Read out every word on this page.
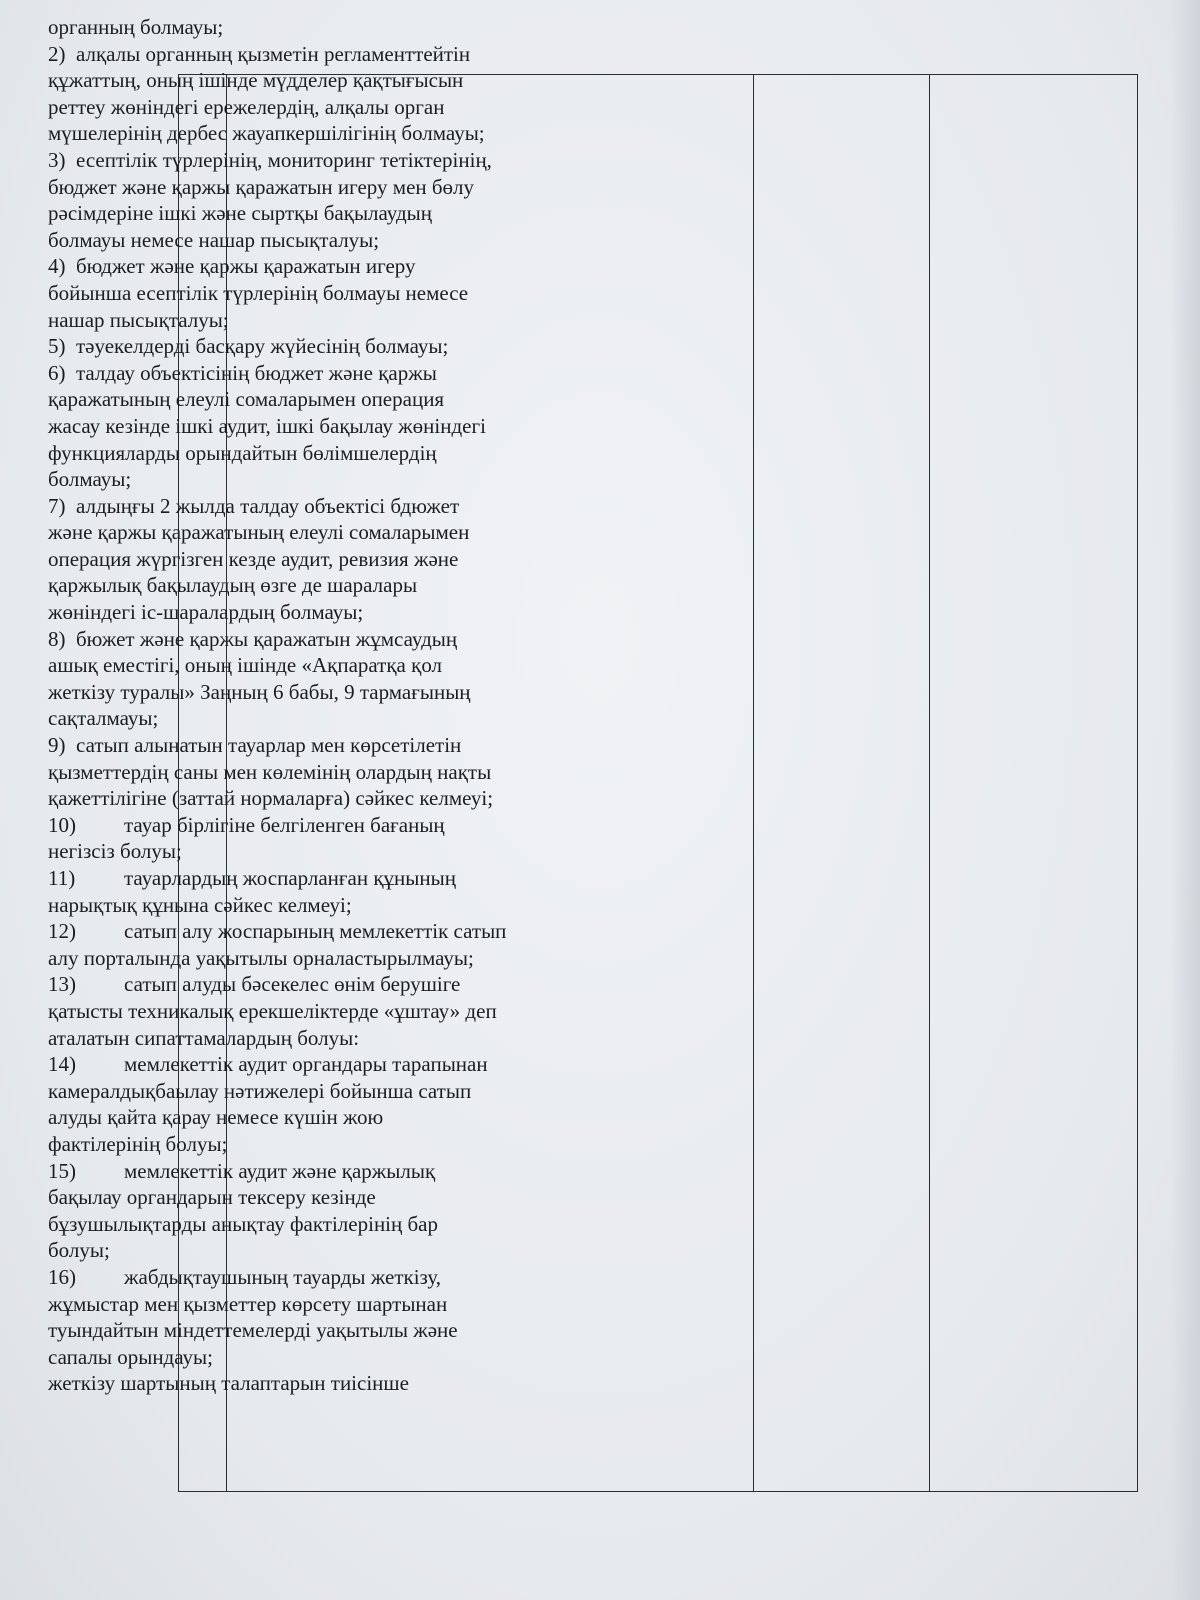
органның болмауы;
2)  алқалы органның қызметін регламенттейтін
құжаттың, оның ішінде мүдделер қақтығысын
реттеу жөніндегі ережелердің, алқалы орган
мүшелерінің дербес жауапкершілігінің болмауы;
3)  есептілік түрлерінің, мониторинг тетіктерінің,
бюджет және қаржы қаражатын игеру мен бөлу
рәсімдеріне ішкі және сыртқы бақылаудың
болмауы немесе нашар пысықталуы;
4)  бюджет және қаржы қаражатын игеру
бойынша есептілік түрлерінің болмауы немесе
нашар пысықталуы;
5)  тәуекелдерді басқару жүйесінің болмауы;
6)  талдау объектісінің бюджет және қаржы
қаражатының елеулі сомаларымен операция
жасау кезінде ішкі аудит, ішкі бақылау жөніндегі
функцияларды орындайтын бөлімшелердің
болмауы;
7)  алдыңғы 2 жылда талдау объектісі бдюжет
және қаржы қаражатының елеулі сомаларымен
операция жүргізген кезде аудит, ревизия және
қаржылық бақылаудың өзге де шаралары
жөніндегі іс-шаралардың болмауы;
8)  бюжет және қаржы қаражатын жұмсаудың
ашық еместігі, оның ішінде «Ақпаратқа қол
жеткізу туралы» Заңның 6 бабы, 9 тармағының
сақталмауы;
9)  сатып алынатын тауарлар мен көрсетілетін
қызметтердің саны мен көлемінің олардың нақты
қажеттілігіне (заттай нормаларға) сәйкес келмеуі;
10) тауар бірлігіне белгіленген бағаның
негізсіз болуы;
11) тауарлардың жоспарланған құнының
нарықтық құнына сәйкес келмеуі;
12) сатып алу жоспарының мемлекеттік сатып
алу порталында уақытылы орналастырылмауы;
13) сатып алуды бәсекелес өнім берушіге
қатысты техникалық ерекшеліктерде «ұштау» деп
аталатын сипаттамалардың болуы:
14) мемлекеттік аудит органдары тарапынан
камералдықбаылау нәтижелері бойынша сатып
алуды қайта қарау немесе күшін жою
фактілерінің болуы;
15) мемлекеттік аудит және қаржылық
бақылау органдарын тексеру кезінде
бұзушылықтарды анықтау фактілерінің бар
болуы;
16) жабдықтаушының тауарды жеткізу,
жұмыстар мен қызметтер көрсету шартынан
туындайтын міндеттемелерді уақытылы және
сапалы орындауы;
жеткізу шартының талаптарын тиісінше
